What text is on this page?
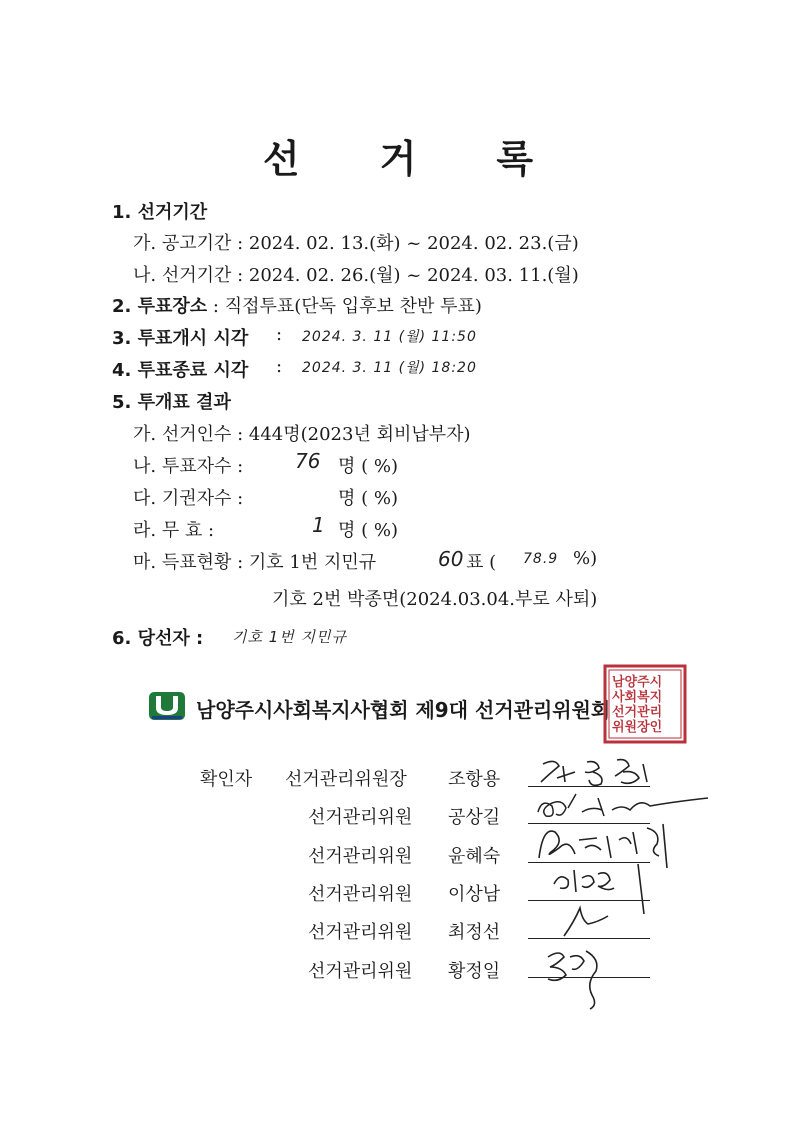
선 거 록
1. 선거기간
가. 공고기간 : 2024. 02. 13.(화) ~ 2024. 02. 23.(금)
나. 선거기간 : 2024. 02. 26.(월) ~ 2024. 03. 11.(월)
2. 투표장소 : 직접투표(단독 입후보 찬반 투표)
3. 투표개시 시각 : 2024. 3. 11 (월) 11:50
4. 투표종료 시각 : 2024. 3. 11 (월) 18:20
5. 투개표 결과
가. 선거인수 : 444명(2023년 회비납부자)
나. 투표자수 :	76 명 ( %)
다. 기권자수 :	명 ( %)
라. 무 효 :	1 명 ( %)
마. 득표현황 : 기호 1번 지민규	60 표 ( 78.9 %)
기호 2번 박종면(2024.03.04.부로 사퇴)
6. 당선자 : 기호 1번 지민규
남양주시사회복지사협회 제9대 선거관리위원회
남양주시
사회복지
선거관리
위원장인
확인자 선거관리위원장 조항용
선거관리위원 공상길
선거관리위원 윤혜숙
선거관리위원 이상남
선거관리위원 최정선
선거관리위원 황정일
